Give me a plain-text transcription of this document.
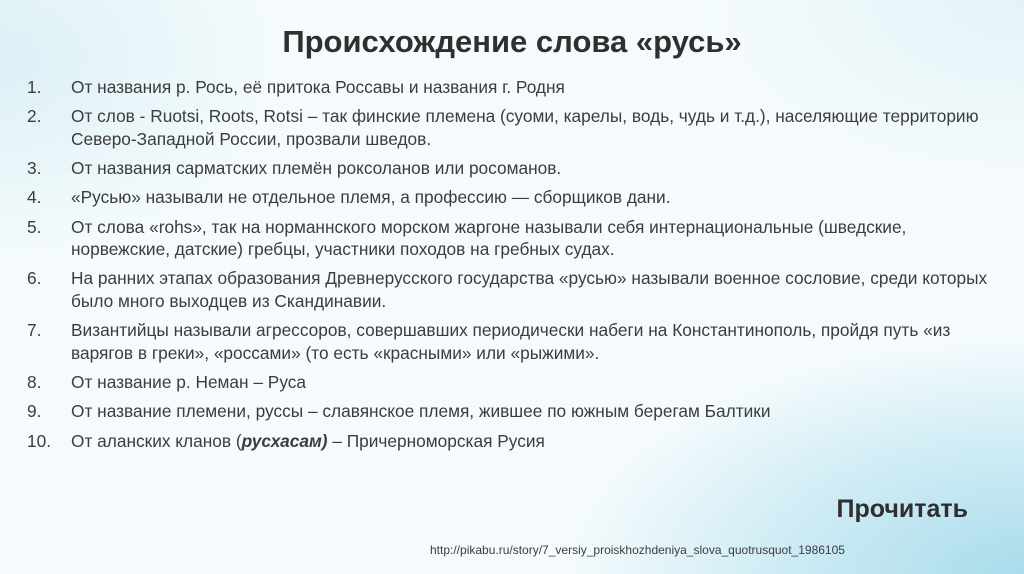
Происхождение слова «русь»
1. От названия р. Рось, её притока Россавы и названия г. Родня
2. От слов - Ruotsi, Roots, Rotsi – так финские племена (суоми, карелы, водь, чудь и т.д.), населяющие территорию Северо-Западной России, прозвали шведов.
3. От названия сарматских племён роксоланов или росоманов.
4. «Русью» называли не отдельное племя, а профессию — сборщиков дани.
5. От слова «rohs», так на норманнского морском жаргоне называли себя интернациональные (шведские, норвежские, датские) гребцы, участники походов на гребных судах.
6. На ранних этапах образования Древнерусского государства «русью» называли военное сословие, среди которых было много выходцев из Скандинавии.
7. Византийцы называли агрессоров, совершавших периодически набеги на Константинополь, пройдя путь «из варягов в греки», «россами» (то есть «красными» или «рыжими».
8. От название р. Неман – Руса
9. От название племени, руссы – славянское племя, жившее по южным берегам Балтики
10. От аланских кланов (русхасам) – Причерноморская Русия
Прочитать
http://pikabu.ru/story/7_versiy_proiskhozhdeniya_slova_quotrusquot_1986105
